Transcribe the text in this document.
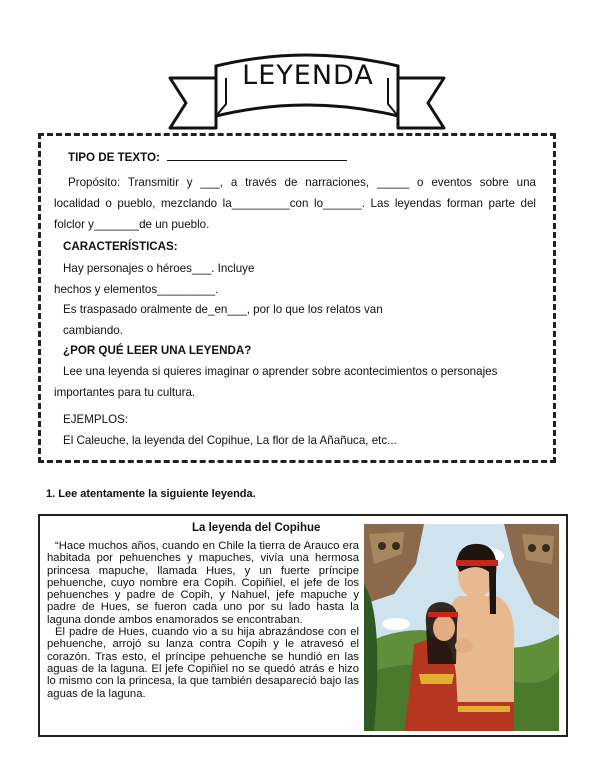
LEYENDA
TIPO DE TEXTO:
Propósito: Transmitir y ___, a través de narraciones, _____ o eventos sobre una
localidad o pueblo, mezclando la_________con lo______. Las leyendas forman parte del
folclor y_______de un pueblo.
CARACTERÍSTICAS:
Hay personajes o héroes___. Incluye
hechos y elementos_________.
Es traspasado oralmente de_en___, por lo que los relatos van
cambiando.
¿POR QUÉ LEER UNA LEYENDA?
Lee una leyenda si quieres imaginar o aprender sobre acontecimientos o personajes
importantes para tu cultura.
EJEMPLOS:
El Caleuche, la leyenda del Copihue, La flor de la Añañuca, etc...
1. Lee atentamente la siguiente leyenda.
La leyenda del Copihue

“Hace muchos años, cuando en Chile la tierra de Arauco era habitada por pehuenches y mapuches, vivía una hermosa princesa mapuche, llamada Hues, y un fuerte príncipe pehuenche, cuyo nombre era Copih. Copiñiel, el jefe de los pehuenches y padre de Copih, y Nahuel, jefe mapuche y padre de Hues, se fueron cada uno por su lado hasta la laguna donde ambos enamorados se encontraban.

El padre de Hues, cuando vio a su hija abrazándose con el pehuenche, arrojó su lanza contra Copih y le atravesó el corazón. Tras esto, el príncipe pehuenche se hundió en las aguas de la laguna. El jefe Copiñiel no se quedó atrás e hizo lo mismo con la princesa, la que también desapareció bajo las aguas de la laguna.
